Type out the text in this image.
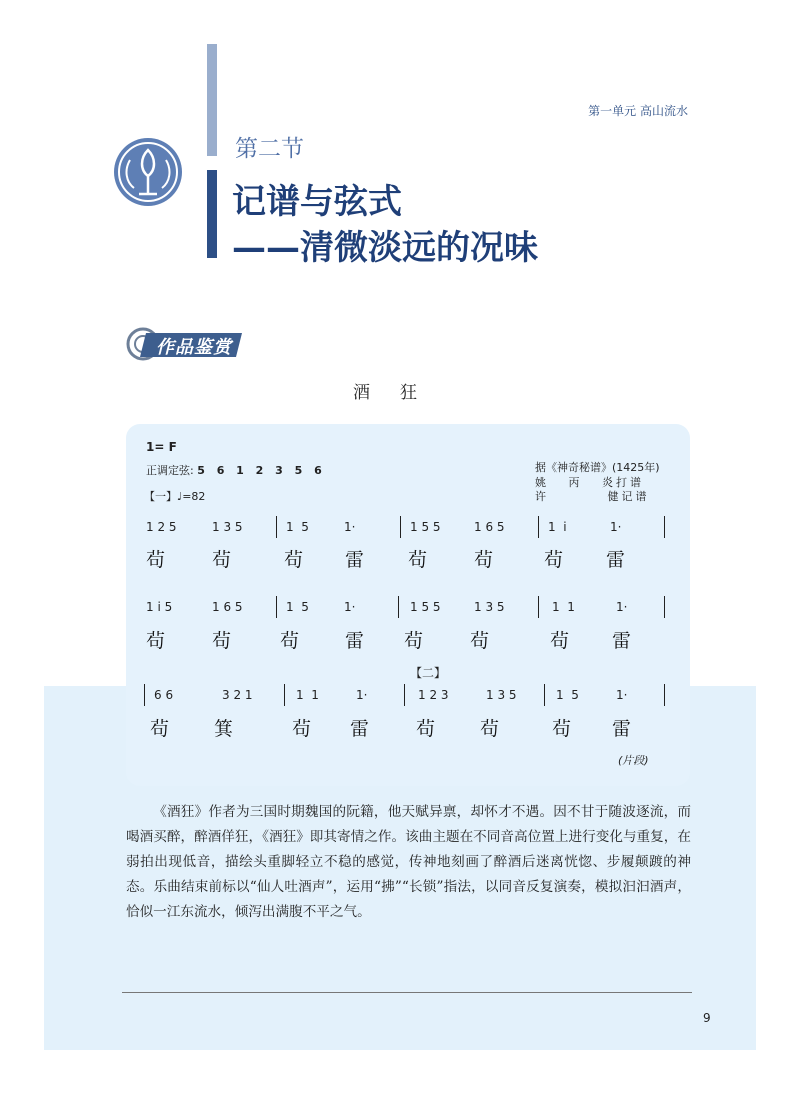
第一单元 高山流水
第二节
记谱与弦式
——清微淡远的况味
作品鉴赏
酒狂
1= F
正调定弦: 5 6 1 2 3 5 6
【一】♩=82
据《神奇秘谱》(1425年)
姚   丙   炎打谱
许         健记谱
1 2 5	1 3 5	1  5	1·	1 5 5	1 6 5	1  i	1·
茍 茍	茍 雷 茍 茍	茍 雷
1 i 5	1 6 5	1  5	1·	1 5 5	1 3 5	1  1	1·
茍 茍	茍 雷 茍 茍	茍 雷
6 6	3 2 1	1  1	1·
【二】
1 2 3	1 3 5	1  5	1·
茍 箕	茍 雷 茍 茍	茍 雷
(片段)

《酒狂》作者为三国时期魏国的阮籍，他天赋异禀，却怀才不遇。因不甘于随波逐流，而喝酒买醉，醉酒佯狂，《酒狂》即其寄情之作。该曲主题在不同音高位置上进行变化与重复，在弱拍出现低音，描绘头重脚轻立不稳的感觉，传神地刻画了醉酒后迷离恍惚、步履颠踱的神态。乐曲结束前标以“仙人吐酒声”，运用“拂”“长锁”指法，以同音反复演奏，模拟汩汩酒声，恰似一江东流水，倾泻出满腹不平之气。

9
